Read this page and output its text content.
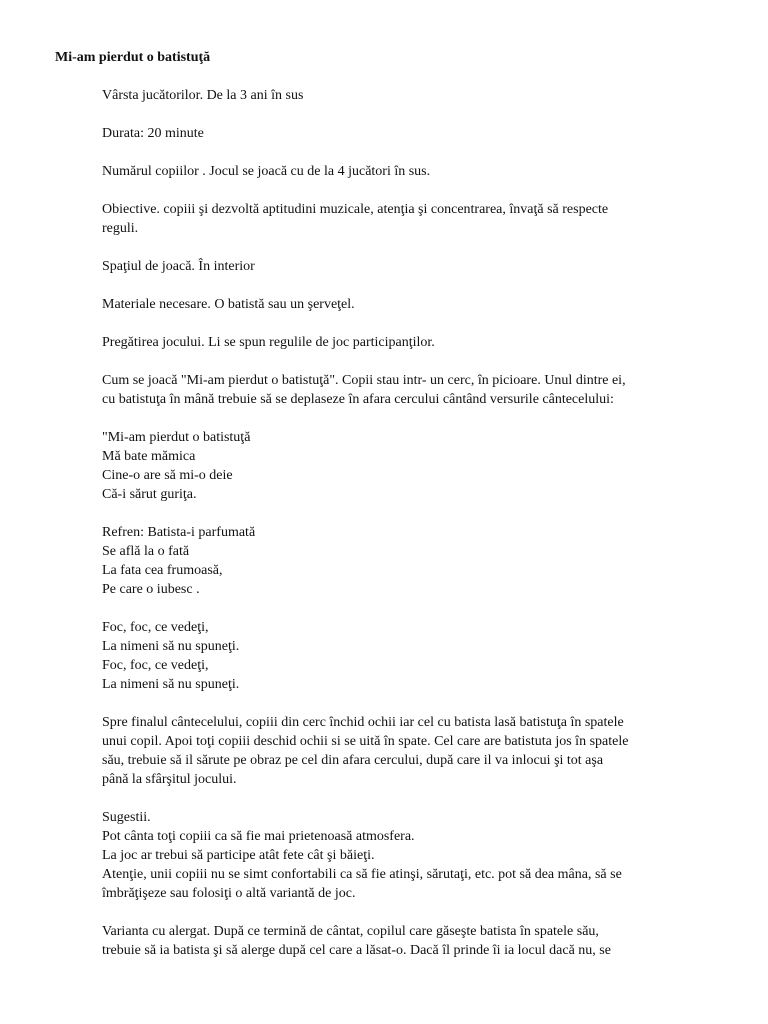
Mi-am pierdut o batistuţă
Vârsta jucătorilor. De la 3 ani în sus
Durata: 20 minute
Numărul copiilor . Jocul se joacă cu de la 4 jucători în sus.
Obiective. copiii şi dezvoltă aptitudini muzicale, atenţia şi concentrarea, învaţă să respecte
reguli.
Spaţiul de joacă. În interior
Materiale necesare. O batistă sau un şerveţel.
Pregătirea jocului. Li se spun regulile de joc participanţilor.
Cum se joacă "Mi-am pierdut o batistuţă". Copii stau intr- un cerc, în picioare. Unul dintre ei,
cu batistuţa în mână trebuie să se deplaseze în afara cercului cântând versurile cântecelului:
"Mi-am pierdut o batistuţă
Mă bate mămica
Cine-o are să mi-o deie
Că-i sărut guriţa.
Refren: Batista-i parfumată
Se află la o fată
La fata cea frumoasă,
Pe care o iubesc .
Foc, foc, ce vedeţi,
La nimeni să nu spuneţi.
Foc, foc, ce vedeţi,
La nimeni să nu spuneţi.
Spre finalul cântecelului, copiii din cerc închid ochii iar cel cu batista lasă batistuţa în spatele
unui copil. Apoi toţi copiii deschid ochii si se uită în spate. Cel care are batistuta jos în spatele
său, trebuie să il sărute pe obraz pe cel din afara cercului, după care il va inlocui şi tot aşa
până la sfârşitul jocului.
Sugestii.
Pot cânta toţi copiii ca să fie mai prietenoasă atmosfera.
La joc ar trebui să participe atât fete cât şi băieţi.
Atenţie, unii copiii nu se simt confortabili ca să fie atinşi, sărutaţi, etc. pot să dea mâna, să se
îmbrăţişeze sau folosiţi o altă variantă de joc.
Varianta cu alergat. După ce termină de cântat, copilul care găseşte batista în spatele său,
trebuie să ia batista şi să alerge după cel care a lăsat-o. Dacă îl prinde îi ia locul dacă nu, se
